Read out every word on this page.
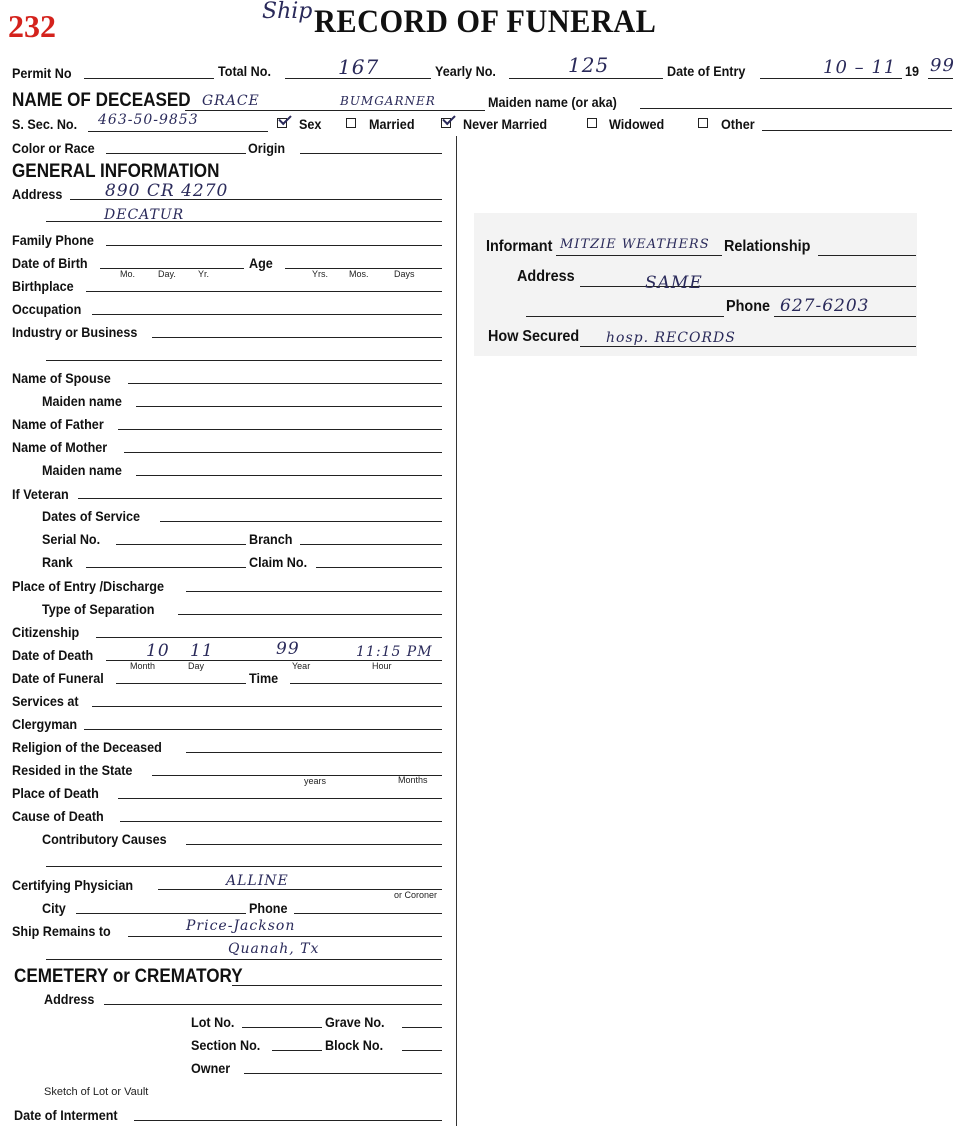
232	Ship RECORD OF FUNERAL
Permit No	Total No.	167	Yearly No.	125	Date of Entry	10 – 11 19 99
NAME OF DECEASED GRACE	BUMGARNER	Maiden name (or aka)
S. Sec. No. 463-50-9853	Sex	Married	Never Married	Widowed	Other
Color or Race	Origin
GENERAL INFORMATION
Address	890 CR 4270
DECATUR
Family Phone
Date of Birth
Mo.	Day. Yr.
Age
Yrs. Mos.	Days
Birthplace
Occupation
Industry or Business
Name of Spouse
Maiden name
Name of Father
Name of Mother
Maiden name
If Veteran
Dates of Service
Serial No.	Branch
Rank	Claim No.
Place of Entry /Discharge
Type of Separation
Citizenship
Date of Death	10 11	99	11:15 PM
Month	Day	Year	Hour
Date of Funeral	Time
Services at
Clergyman
Religion of the Deceased
Resided in the State
years	Months
Place of Death
Cause of Death
Contributory Causes
Certifying Physician	ALLINE
or Coroner
City	Phone
Ship Remains to	Price-Jackson
Quanah, Tx
CEMETERY or CREMATORY
Address
Lot No.	Grave No.
Section No.	Block No.
Owner
Sketch of Lot or Vault
Date of Interment
Informant MITZIE WEATHERS Relationship
Address	SAME
Phone 627-6203
How Secured hosp. RECORDS
